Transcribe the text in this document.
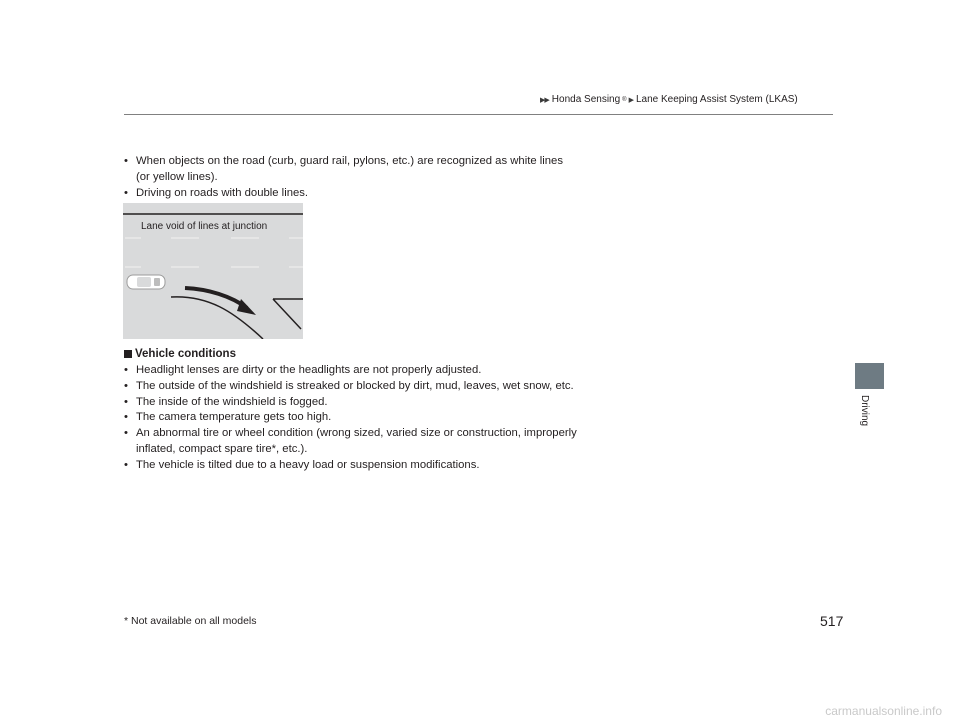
▶▶ Honda Sensing ® ▶ Lane Keeping Assist System (LKAS)
Driving
• When objects on the road (curb, guard rail, pylons, etc.) are recognized as white lines (or yellow lines).
• Driving on roads with double lines.
Lane void of lines at junction
Vehicle conditions
• Headlight lenses are dirty or the headlights are not properly adjusted.
• The outside of the windshield is streaked or blocked by dirt, mud, leaves, wet snow, etc.
• The inside of the windshield is fogged.
• The camera temperature gets too high.
• An abnormal tire or wheel condition (wrong sized, varied size or construction, improperly inflated, compact spare tire*, etc.).
• The vehicle is tilted due to a heavy load or suspension modifications.
* Not available on all models	517
carmanualsonline.info
